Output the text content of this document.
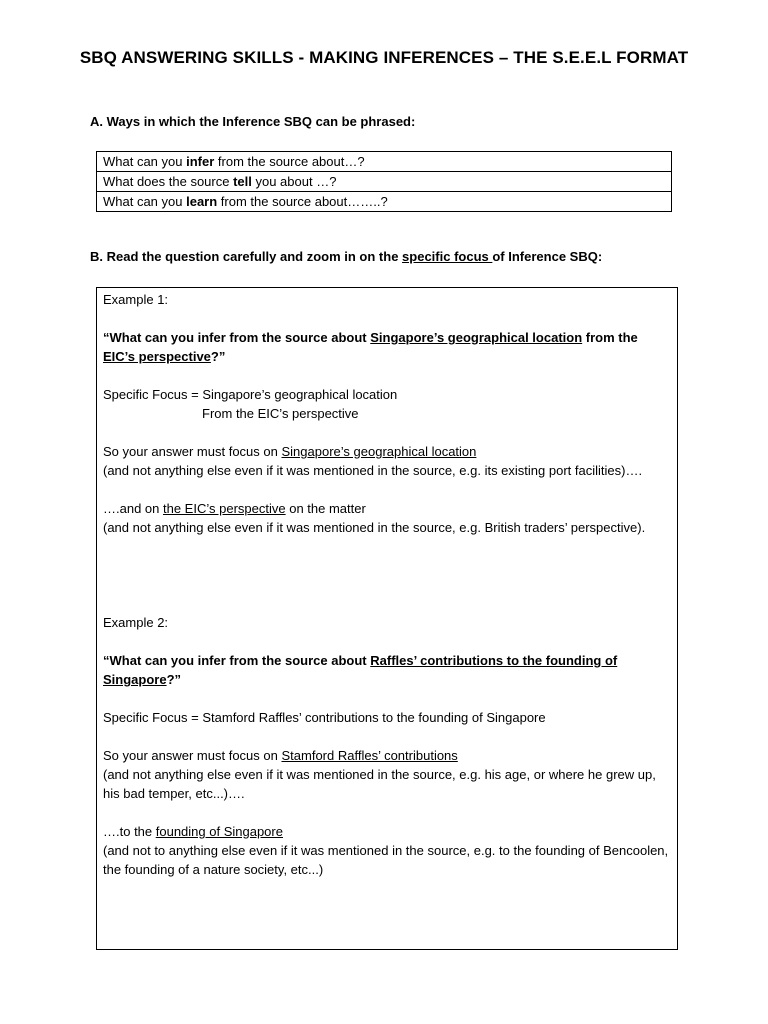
SBQ ANSWERING SKILLS - MAKING INFERENCES – THE S.E.E.L FORMAT
A. Ways in which the Inference SBQ can be phrased:
What can you infer from the source about…?
What does the source tell you about …?
What can you learn from the source about……..?
B. Read the question carefully and zoom in on the specific focus of Inference SBQ:

Example 1:

“What can you infer from the source about Singapore’s geographical location from the EIC’s perspective?”

Specific Focus = Singapore’s geographical location

From the EIC’s perspective

So your answer must focus on Singapore’s geographical location

(and not anything else even if it was mentioned in the source, e.g. its existing port facilities)….

….and on the EIC’s perspective on the matter

(and not anything else even if it was mentioned in the source, e.g. British traders’ perspective).

Example 2:

“What can you infer from the source about Raffles’ contributions to the founding of Singapore?”

Specific Focus = Stamford Raffles’ contributions to the founding of Singapore

So your answer must focus on Stamford Raffles’ contributions

(and not anything else even if it was mentioned in the source, e.g. his age, or where he grew up, his bad temper, etc...)….

….to the founding of Singapore

(and not to anything else even if it was mentioned in the source, e.g. to the founding of Bencoolen, the founding of a nature society, etc...)
